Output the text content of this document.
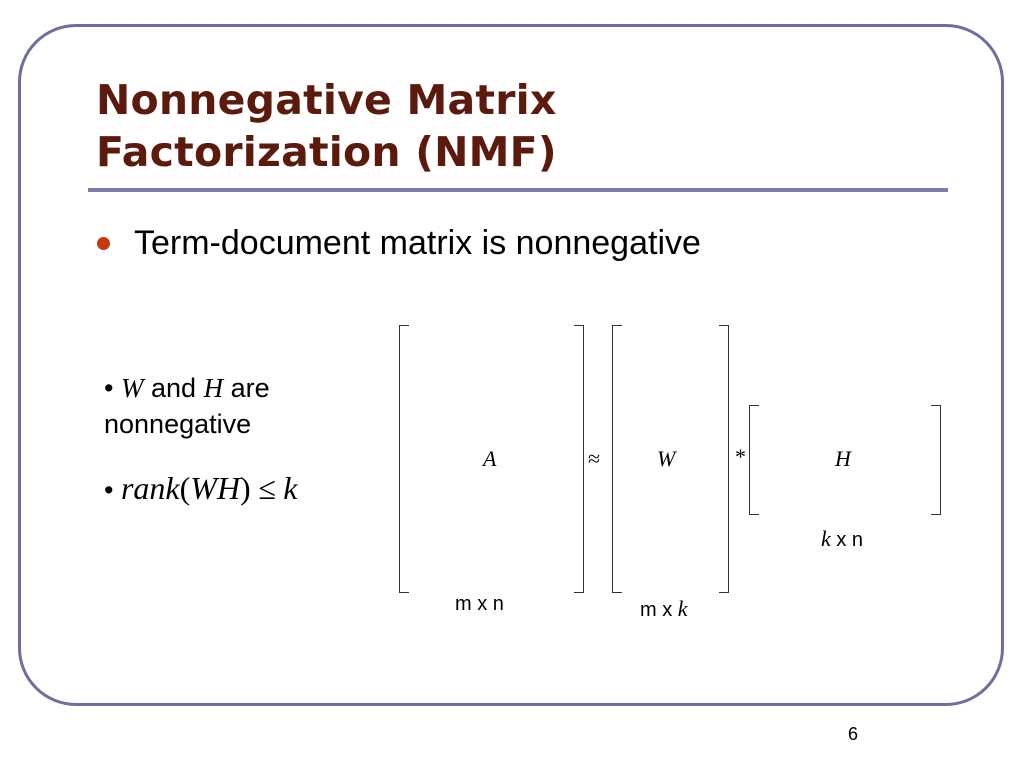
Nonnegative Matrix
Factorization (NMF)
Term-document matrix is nonnegative
• W and H are
nonnegative
• rank(WH) ≤ k
A	≈	W	*	H
m x n	m x k
k x n
6
